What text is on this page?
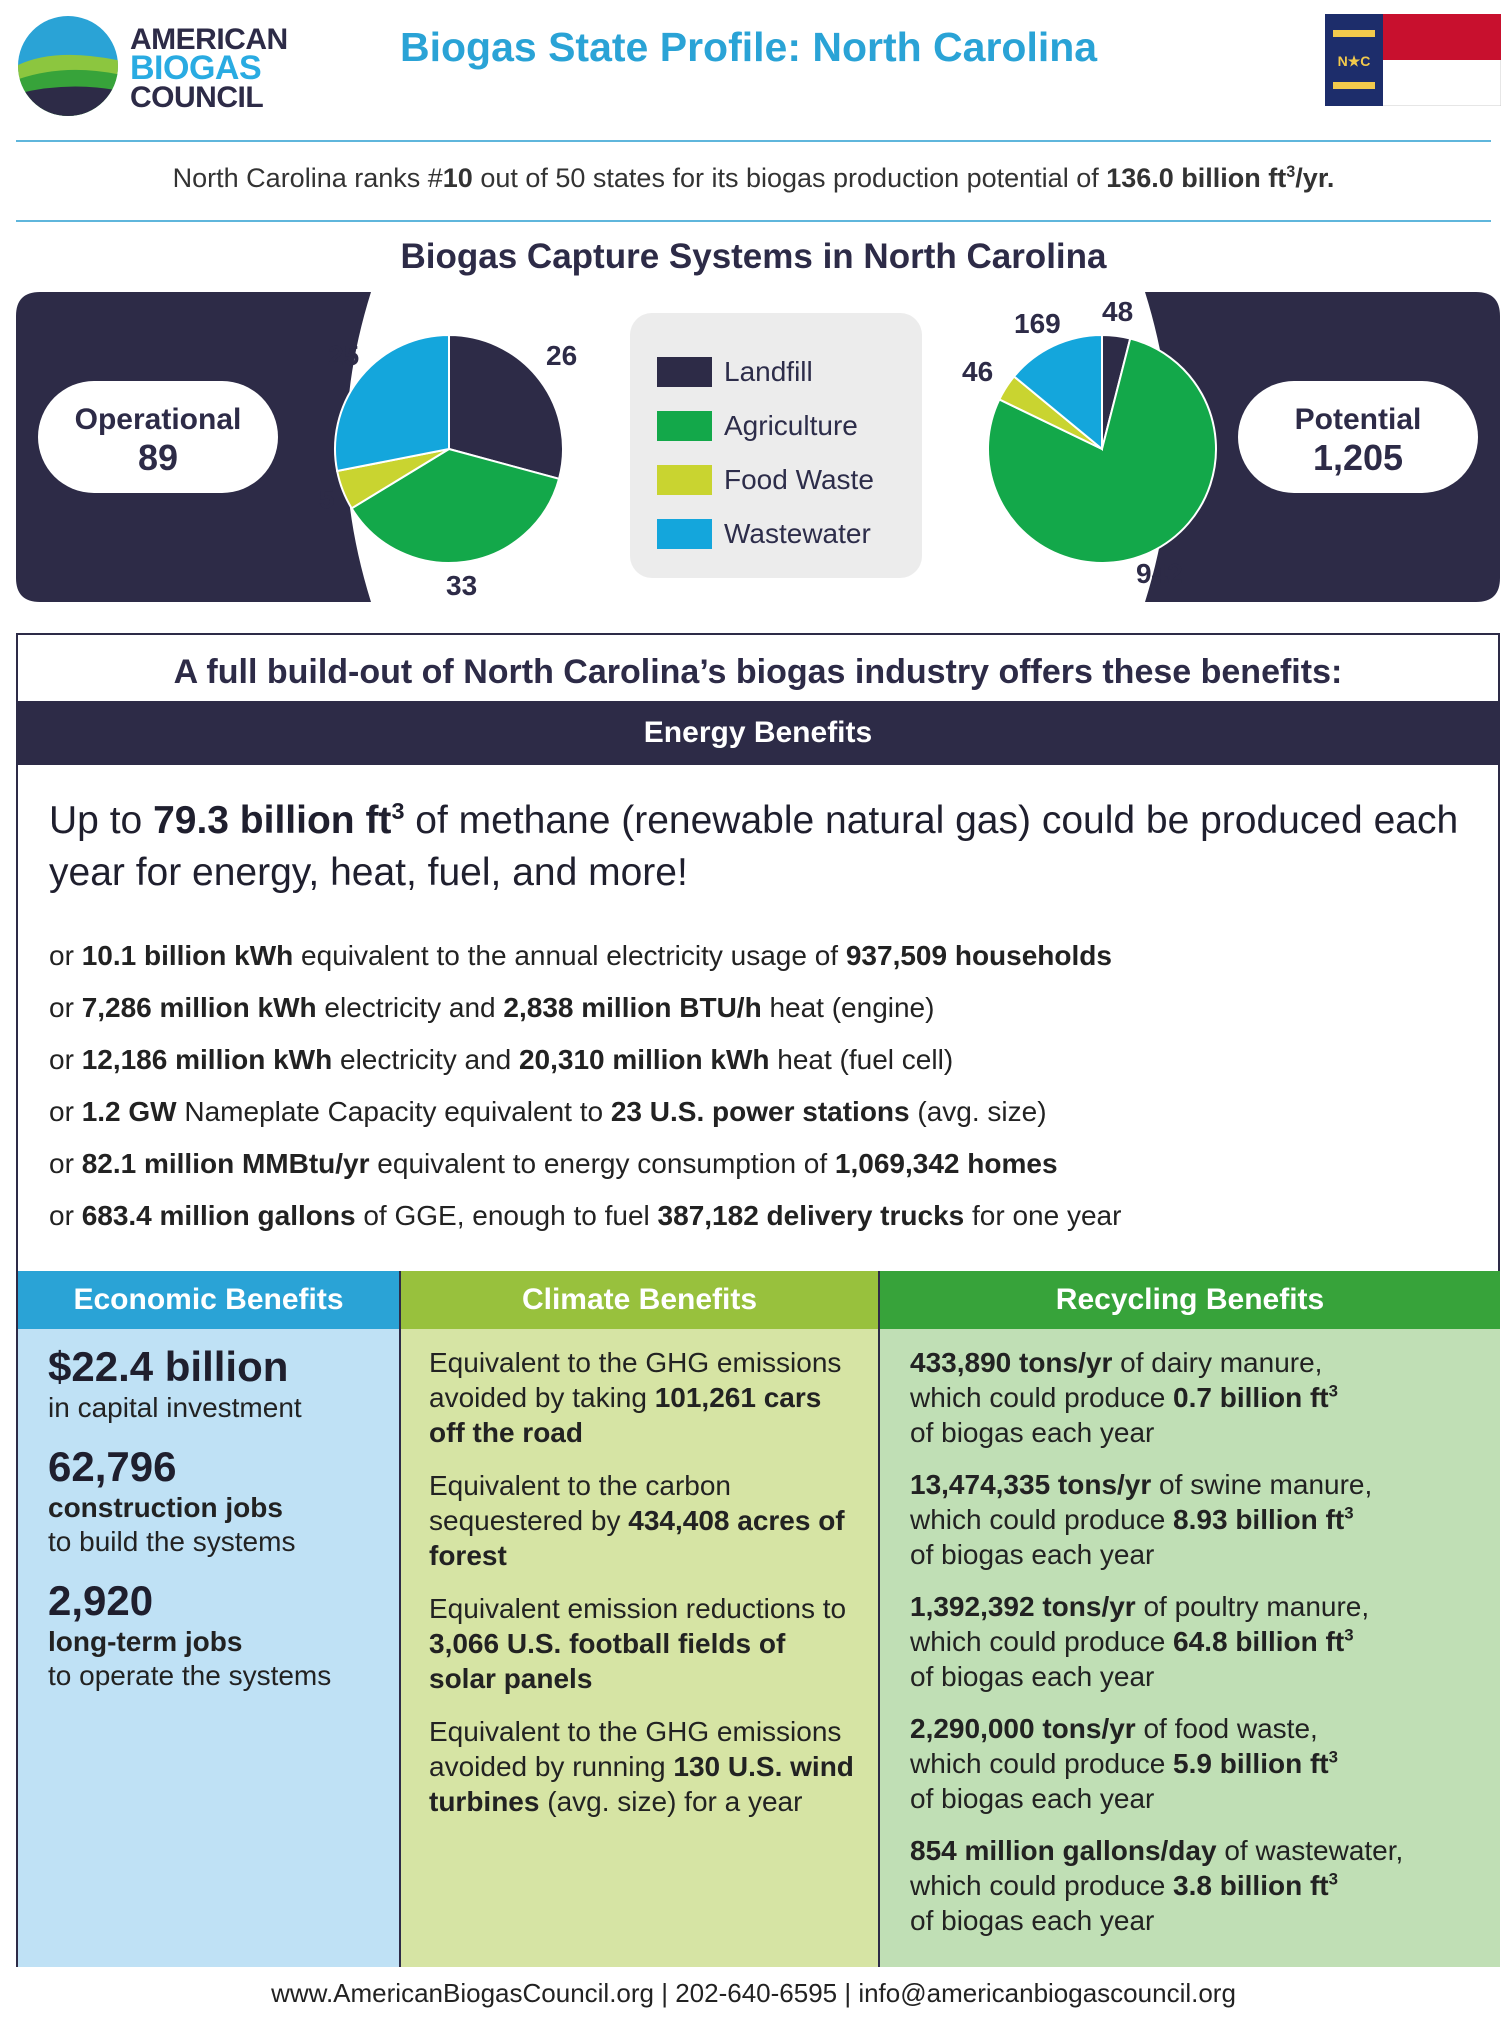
AMERICAN
BIOGAS
COUNCIL
Biogas State Profile: North Carolina	N★C
North Carolina ranks #10 out of 50 states for its biogas production potential of 136.0 billion $ft^3/yr$.
Biogas Capture Systems in North Carolina
Operational
89
Potential
1,205
26
33
5
25
48
942
46
169
Landfill
Agriculture
Food Waste
Wastewater
A full build-out of North Carolina’s biogas industry offers these benefits:
Energy Benefits
Up to 79.3 billion $ft^3$ of methane (renewable natural gas) could be produced each year for energy, heat, fuel, and more!
or 10.1 billion kWh equivalent to the annual electricity usage of 937,509 households
or 7,286 million kWh electricity and 2,838 million BTU/h heat (engine)
or 12,186 million kWh electricity and 20,310 million kWh heat (fuel cell)
or 1.2 GW Nameplate Capacity equivalent to 23 U.S. power stations (avg. size)
or 82.1 million MMBtu/yr equivalent to energy consumption of 1,069,342 homes
or 683.4 million gallons of GGE, enough to fuel 387,182 delivery trucks for one year
Economic Benefits
$22.4 billion
in capital investment
62,796
construction jobs
to build the systems
2,920
long-term jobs
to operate the systems
Climate Benefits
Equivalent to the GHG emissions avoided by taking 101,261 cars off the road
Equivalent to the carbon sequestered by 434,408 acres of forest
Equivalent emission reductions to 3,066 U.S. football fields of solar panels
Equivalent to the GHG emissions avoided by running 130 U.S. wind turbines (avg. size) for a year
Recycling Benefits
433,890 tons/yr of dairy manure,
which could produce 0.7 billion $ft^3$
of biogas each year
13,474,335 tons/yr of swine manure,
which could produce 8.93 billion $ft^3$
of biogas each year
1,392,392 tons/yr of poultry manure,
which could produce 64.8 billion $ft^3$
of biogas each year
2,290,000 tons/yr of food waste,
which could produce 5.9 billion $ft^3$
of biogas each year
854 million gallons/day of wastewater,
which could produce 3.8 billion $ft^3$
of biogas each year
www.AmericanBiogasCouncil.org | 202-640-6595 | info@americanbiogascouncil.org
